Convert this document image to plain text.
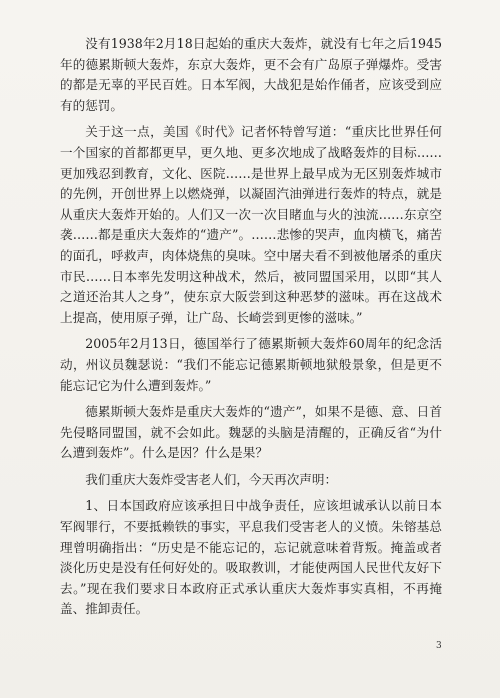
没有1938年2月18日起始的重庆大轰炸，就没有七年之后1945年的德累斯顿大轰炸，东京大轰炸，更不会有广岛原子弹爆炸。受害的都是无辜的平民百姓。日本军阀，大战犯是始作俑者，应该受到应有的惩罚。

关于这一点，美国《时代》记者怀特曾写道：“重庆比世界任何一个国家的首都都更早，更久地、更多次地成了战略轰炸的目标……更加残忍到教育，文化、医院……是世界上最早成为无区别轰炸城市的先例，开创世界上以燃烧弹，以凝固汽油弹进行轰炸的特点，就是从重庆大轰炸开始的。人们又一次一次目睹血与火的浊流……东京空袭……都是重庆大轰炸的“遗产”。……悲惨的哭声，血肉横飞，痛苦的面孔，呼救声，肉体烧焦的臭味。空中屠夫看不到被他屠杀的重庆市民……日本率先发明这种战术，然后，被同盟国采用，以即“其人之道还治其人之身”，使东京大阪尝到这种恶梦的滋味。再在这战术上提高，使用原子弹，让广岛、长崎尝到更惨的滋味。”

2005年2月13日，德国举行了德累斯顿大轰炸60周年的纪念活动，州议员魏瑟说：“我们不能忘记德累斯顿地狱般景象，但是更不能忘记它为什么遭到轰炸。”

德累斯顿大轰炸是重庆大轰炸的“遗产”，如果不是德、意、日首先侵略同盟国，就不会如此。魏瑟的头脑是清醒的，正确反省“为什么遭到轰炸”。什么是因？什么是果？

我们重庆大轰炸受害老人们，今天再次声明：

1、日本国政府应该承担日中战争责任，应该坦诚承认以前日本军阀罪行，不要抵赖铁的事实，平息我们受害老人的义愤。朱镕基总理曾明确指出：“历史是不能忘记的，忘记就意味着背叛。掩盖或者淡化历史是没有任何好处的。吸取教训，才能使两国人民世代友好下去。”现在我们要求日本政府正式承认重庆大轰炸事实真相，不再掩盖、推卸责任。

3
